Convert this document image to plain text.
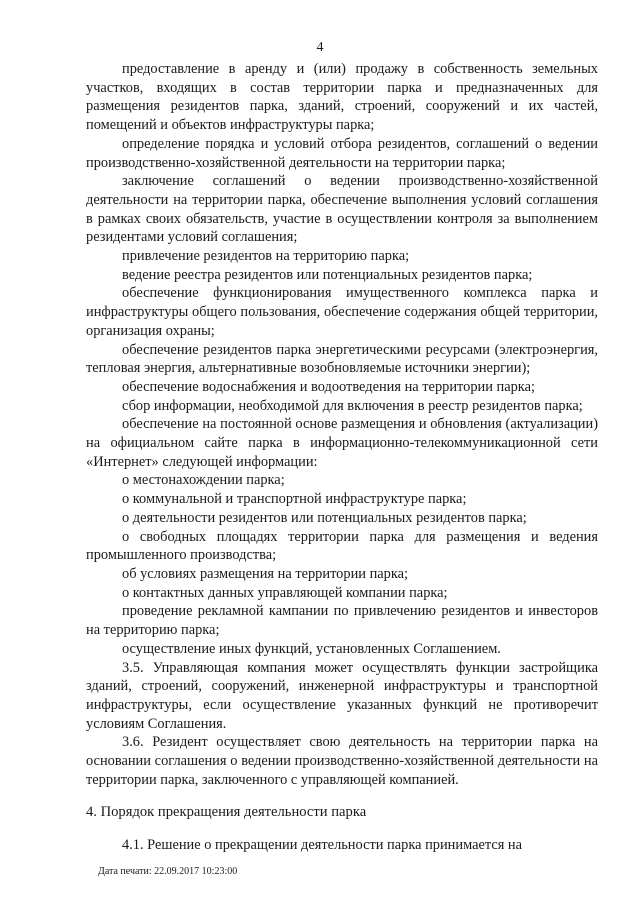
4

предоставление в аренду и (или) продажу в собственность земельных участков, входящих в состав территории парка и предназначенных для размещения резидентов парка, зданий, строений, сооружений и их частей, помещений и объектов инфраструктуры парка;

определение порядка и условий отбора резидентов, соглашений о ведении производственно-хозяйственной деятельности на территории парка;

заключение соглашений о ведении производственно-хозяйственной деятельности на территории парка, обеспечение выполнения условий соглашения в рамках своих обязательств, участие в осуществлении контроля за выполнением резидентами условий соглашения;

привлечение резидентов на территорию парка;

ведение реестра резидентов или потенциальных резидентов парка;

обеспечение функционирования имущественного комплекса парка и инфраструктуры общего пользования, обеспечение содержания общей территории, организация охраны;

обеспечение резидентов парка энергетическими ресурсами (электроэнергия, тепловая энергия, альтернативные возобновляемые источники энергии);

обеспечение водоснабжения и водоотведения на территории парка;

сбор информации, необходимой для включения в реестр резидентов парка;

обеспечение на постоянной основе размещения и обновления (актуализации) на официальном сайте парка в информационно-телекоммуникационной сети «Интернет» следующей информации:

о местонахождении парка;

о коммунальной и транспортной инфраструктуре парка;

о деятельности резидентов или потенциальных резидентов парка;

о свободных площадях территории парка для размещения и ведения промышленного производства;

об условиях размещения на территории парка;

о контактных данных управляющей компании парка;

проведение рекламной кампании по привлечению резидентов и инвесторов на территорию парка;

осуществление иных функций, установленных Соглашением.

3.5. Управляющая компания может осуществлять функции застройщика зданий, строений, сооружений, инженерной инфраструктуры и транспортной инфраструктуры, если осуществление указанных функций не противоречит условиям Соглашения.

3.6. Резидент осуществляет свою деятельность на территории парка на основании соглашения о ведении производственно-хозяйственной деятельности на территории парка, заключенного с управляющей компанией.

4. Порядок прекращения деятельности парка

4.1. Решение о прекращении деятельности парка принимается на

Дата печати: 22.09.2017 10:23:00
